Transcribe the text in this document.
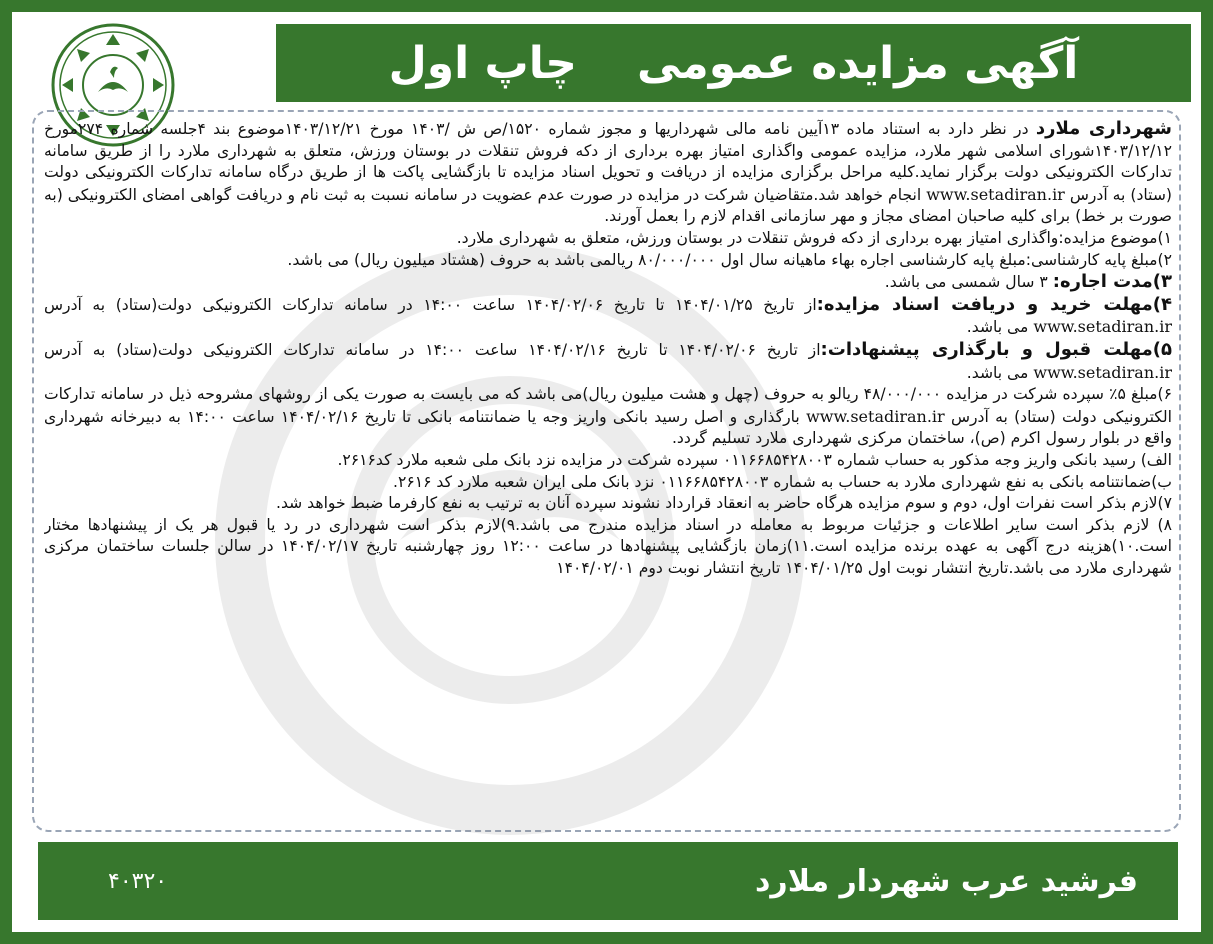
آگهی مزایده عمومی
چاپ اول

شهرداری ملارد در نظر دارد به استناد ماده ۱۳آیین نامه مالی شهرداریها و مجوز شماره ۱۵۲۰/ص ش /۱۴۰۳ مورخ ۱۴۰۳/۱۲/۲۱موضوع بند ۴جلسه شماره ۲۷۴مورخ ۱۴۰۳/۱۲/۱۲شورای اسلامی شهر ملارد، مزایده عمومی واگذاری امتیاز بهره برداری از دکه فروش تنقلات در بوستان ورزش، متعلق به شهرداری ملارد را از طریق سامانه تدارکات الکترونیکی دولت برگزار نماید.کلیه مراحل برگزاری مزایده از دریافت و تحویل اسناد مزایده تا بازگشایی پاکت ها از طریق درگاه سامانه تدارکات الکترونیکی دولت (ستاد) به آدرس www.setadiran.ir انجام خواهد شد.متقاضیان شرکت در مزایده در صورت عدم عضویت در سامانه نسبت به ثبت نام و دریافت گواهی امضای الکترونیکی (به صورت بر خط) برای کلیه صاحبان امضای مجاز و مهر سازمانی اقدام لازم را بعمل آورند.

۱)موضوع مزایده:واگذاری امتیاز بهره برداری از دکه فروش تنقلات در بوستان ورزش، متعلق به شهرداری ملارد.

۲)مبلغ پایه کارشناسی:مبلغ پایه کارشناسی اجاره بهاء ماهیانه سال اول ۸۰/۰۰۰/۰۰۰ ریالمی باشد به حروف (هشتاد میلیون ریال) می باشد.

۳)مدت اجاره: ۳ سال شمسی می باشد.

۴)مهلت خرید و دریافت اسناد مزایده:از تاریخ ۱۴۰۴/۰۱/۲۵ تا تاریخ ۱۴۰۴/۰۲/۰۶ ساعت ۱۴:۰۰ در سامانه تدارکات الکترونیکی دولت(ستاد) به آدرس www.setadiran.ir می باشد.

۵)مهلت قبول و بارگذاری پیشنهادات:از تاریخ ۱۴۰۴/۰۲/۰۶ تا تاریخ ۱۴۰۴/۰۲/۱۶ ساعت ۱۴:۰۰ در سامانه تدارکات الکترونیکی دولت(ستاد) به آدرس www.setadiran.ir می باشد.

۶)مبلغ ۵٪ سپرده شرکت در مزایده ۴۸/۰۰۰/۰۰۰ ریالو به حروف (چهل و هشت میلیون ریال)می باشد که می بایست به صورت یکی از روشهای مشروحه ذیل در سامانه تدارکات الکترونیکی دولت (ستاد) به آدرس www.setadiran.ir بارگذاری و اصل رسید بانکی واریز وجه یا ضمانتنامه بانکی تا تاریخ ۱۴۰۴/۰۲/۱۶ ساعت ۱۴:۰۰ به دبیرخانه شهرداری واقع در بلوار رسول اکرم (ص)، ساختمان مرکزی شهرداری ملارد تسلیم گردد.

الف) رسید بانکی واریز وجه مذکور به حساب شماره ۰۱۱۶۶۸۵۴۲۸۰۰۳ سپرده شرکت در مزایده نزد بانک ملی شعبه ملارد کد۲۶۱۶.

ب)ضمانتنامه بانکی به نفع شهرداری ملارد به حساب به شماره ۰۱۱۶۶۸۵۴۲۸۰۰۳ نزد بانک ملی ایران شعبه ملارد کد ۲۶۱۶.

۷)لازم بذکر است نفرات اول، دوم و سوم مزایده هرگاه حاضر به انعقاد قرارداد نشوند سپرده آنان به ترتیب به نفع کارفرما ضبط خواهد شد.

۸) لازم بذکر است سایر اطلاعات و جزئیات مربوط به معامله در اسناد مزایده مندرج می باشد.۹)لازم بذکر است شهرداری در رد یا قبول هر یک از پیشنهادها مختار است.۱۰)هزینه درج آگهی به عهده برنده مزایده است.۱۱)زمان بازگشایی پیشنهادها در ساعت ۱۲:۰۰ روز چهارشنبه تاریخ ۱۴۰۴/۰۲/۱۷ در سالن جلسات ساختمان مرکزی شهرداری ملارد می باشد.تاریخ انتشار نوبت اول ۱۴۰۴/۰۱/۲۵ تاریخ انتشار نوبت دوم ۱۴۰۴/۰۲/۰۱

فرشید عرب شهردار ملارد
۴۰۳۲۰
